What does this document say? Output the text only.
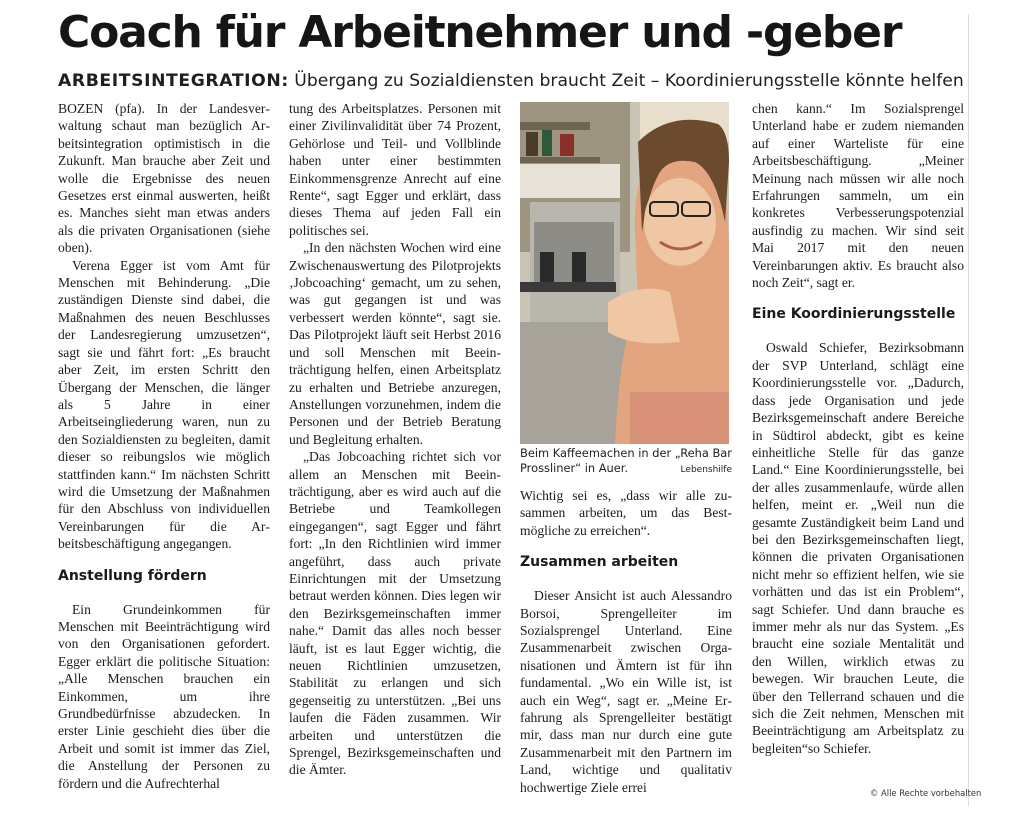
Coach für Arbeitnehmer und -geber
ARBEITSINTEGRATION: Übergang zu Sozialdiensten braucht Zeit – Koordinierungsstelle könnte helfen

BOZEN (pfa). In der Landesverwaltung schaut man bezüglich Arbeitsintegration optimistisch in die Zukunft. Man brauche aber Zeit und wolle die Ergebnisse des neuen Gesetzes erst einmal auswerten, heißt es. Manches sieht man etwas anders als die privaten Organisationen (siehe oben).

Verena Egger ist vom Amt für Menschen mit Behinderung. „Die zuständigen Dienste sind dabei, die Maßnahmen des neuen Beschlusses der Landesregierung umzusetzen“, sagt sie und fährt fort: „Es braucht aber Zeit, im ersten Schritt den Übergang der Menschen, die länger als 5 Jahre in einer Arbeitseingliederung waren, nun zu den Sozialdiensten zu begleiten, damit dieser so reibungslos wie möglich stattfinden kann.“ Im nächsten Schritt wird die Umsetzung der Maßnahmen für den Abschluss von individuellen Vereinbarungen für die Arbeitsbeschäftigung angegangen.

Anstellung fördern

Ein Grundeinkommen für Menschen mit Beeinträchtigung wird von den Organisationen gefordert. Egger erklärt die politische Situation: „Alle Menschen brauchen ein Einkommen, um ihre Grundbedürfnisse abzudecken. In erster Linie geschieht dies über die Arbeit und somit ist immer das Ziel, die Anstellung der Personen zu fördern und die Aufrechterhal

tung des Arbeitsplatzes. Personen mit einer Zivilinvalidität über 74 Prozent, Gehörlose und Teil- und Vollblinde haben unter einer bestimmten Einkommensgrenze Anrecht auf eine Rente“, sagt Egger und erklärt, dass dieses Thema auf jeden Fall ein politisches sei.

„In den nächsten Wochen wird eine Zwischenauswertung des Pilotprojekts ‚Jobcoaching‘ gemacht, um zu sehen, was gut gegangen ist und was verbessert werden könnte“, sagt sie. Das Pilotprojekt läuft seit Herbst 2016 und soll Menschen mit Beeinträchtigung helfen, einen Arbeitsplatz zu erhalten und Betriebe anzuregen, Anstellungen vorzunehmen, indem die Personen und der Betrieb Beratung und Begleitung erhalten.

„Das Jobcoaching richtet sich vor allem an Menschen mit Beeinträchtigung, aber es wird auch auf die Betriebe und Teamkollegen eingegangen“, sagt Egger und fährt fort: „In den Richtlinien wird immer angeführt, dass auch private Einrichtungen mit der Umsetzung betraut werden können. Dies legen wir den Bezirksgemeinschaften immer nahe.“ Damit das alles noch besser läuft, ist es laut Egger wichtig, die neuen Richtlinien umzusetzen, Stabilität zu erlangen und sich gegenseitig zu unterstützen. „Bei uns laufen die Fäden zusammen. Wir arbeiten und unterstützen die Sprengel, Bezirksgemeinschaften und die Ämter.

Beim Kaffeemachen in der „Reha Bar Prossliner“ in Auer.	Lebenshilfe

Wichtig sei es, „dass wir alle zusammen arbeiten, um das Bestmögliche zu erreichen“.

Zusammen arbeiten

Dieser Ansicht ist auch Alessandro Borsoi, Sprengelleiter im Sozialsprengel Unterland. Eine Zusammenarbeit zwischen Organisationen und Ämtern ist für ihn fundamental. „Wo ein Wille ist, ist auch ein Weg“, sagt er. „Meine Erfahrung als Sprengelleiter bestätigt mir, dass man nur durch eine gute Zusammenarbeit mit den Partnern im Land, wichtige und qualitativ hochwertige Ziele errei

chen kann.“ Im Sozialsprengel Unterland habe er zudem niemanden auf einer Warteliste für eine Arbeitsbeschäftigung. „Meiner Meinung nach müssen wir alle noch Erfahrungen sammeln, um ein konkretes Verbesserungspotenzial ausfindig zu machen. Wir sind seit Mai 2017 mit den neuen Vereinbarungen aktiv. Es braucht also noch Zeit“, sagt er.

Eine Koordinierungsstelle

Oswald Schiefer, Bezirksobmann der SVP Unterland, schlägt eine Koordinierungsstelle vor. „Dadurch, dass jede Organisation und jede Bezirksgemeinschaft andere Bereiche in Südtirol abdeckt, gibt es keine einheitliche Stelle für das ganze Land.“ Eine Koordinierungsstelle, bei der alles zusammenlaufe, würde allen helfen, meint er. „Weil nun die gesamte Zuständigkeit beim Land und bei den Bezirksgemeinschaften liegt, können die privaten Organisationen nicht mehr so effizient helfen, wie sie vorhätten und das ist ein Problem“, sagt Schiefer. Und dann brauche es immer mehr als nur das System. „Es braucht eine soziale Mentalität und den Willen, wirklich etwas zu bewegen. Wir brauchen Leute, die über den Tellerrand schauen und die sich die Zeit nehmen, Menschen mit Beeinträchtigung am Arbeitsplatz zu begleiten“so Schiefer.

© Alle Rechte vorbehalten
